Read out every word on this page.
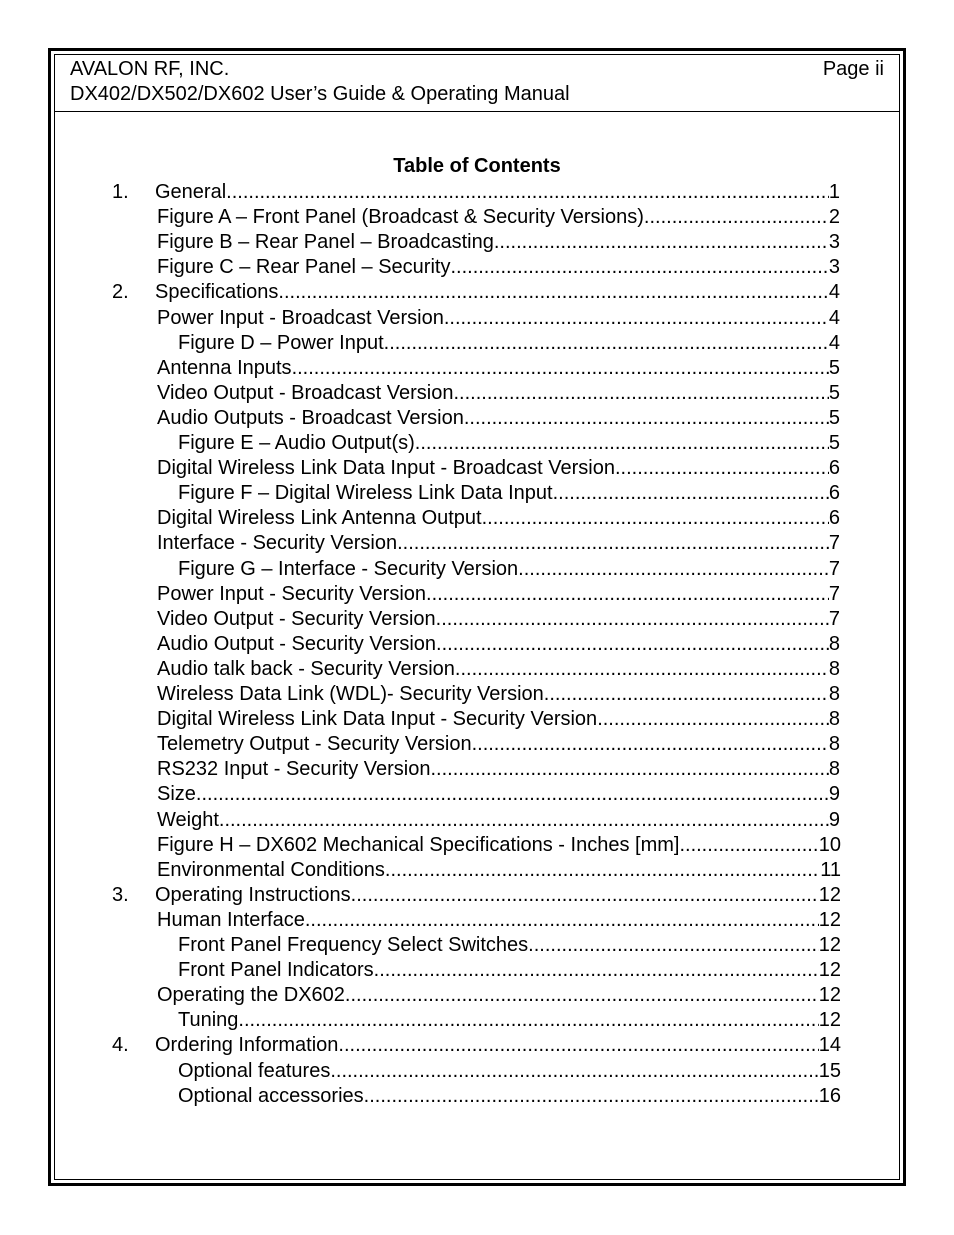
AVALON RF, INC.	Page ii
DX402/DX502/DX602 User’s Guide & Operating Manual
Table of Contents
1. General .....	1
Figure A – Front Panel (Broadcast & Security Versions) .....	2
Figure B – Rear Panel – Broadcasting .....	3
Figure C – Rear Panel – Security .....	3
2. Specifications .....	4
Power Input - Broadcast Version .....	4
Figure D – Power Input .....	4
Antenna Inputs .....	5
Video Output - Broadcast Version .....	5
Audio Outputs - Broadcast Version .....	5
Figure E – Audio Output(s) .....	5
Digital Wireless Link Data Input - Broadcast Version .....	6
Figure F – Digital Wireless Link Data Input .....	6
Digital Wireless Link Antenna Output .....	6
Interface - Security Version .....	7
Figure G – Interface - Security Version .....	7
Power Input - Security Version .....	7
Video Output - Security Version .....	7
Audio Output - Security Version .....	8
Audio talk back - Security Version .....	8
Wireless Data Link (WDL)- Security Version .....	8
Digital Wireless Link Data Input - Security Version .....	8
Telemetry Output - Security Version .....	8
RS232 Input - Security Version .....	8
Size .....	9
Weight .....	9
Figure H – DX602 Mechanical Specifications - Inches [mm] .....	10
Environmental Conditions .....	11
3. Operating Instructions .....	12
Human Interface .....	12
Front Panel Frequency Select Switches .....	12
Front Panel Indicators .....	12
Operating the DX602 .....	12
Tuning .....	12
4. Ordering Information .....	14
Optional features .....	15
Optional accessories .....	16
